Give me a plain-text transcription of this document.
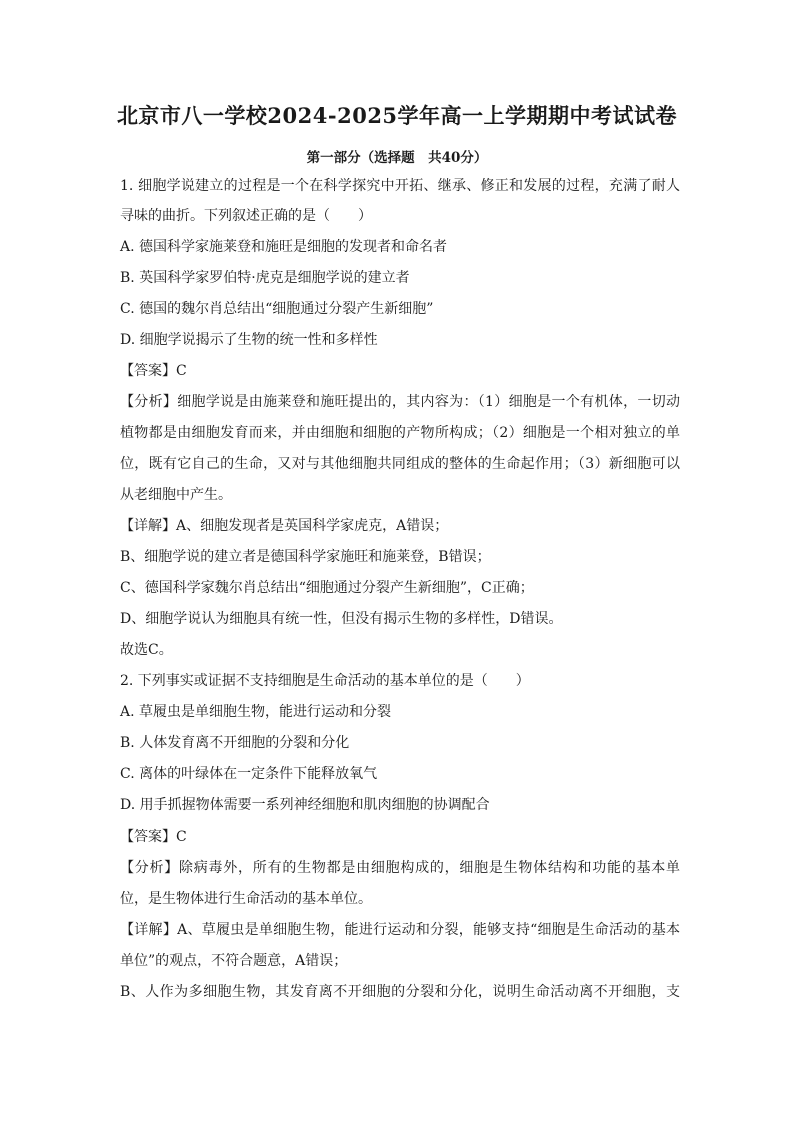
北京市八一学校2024-2025学年高一上学期期中考试试卷
第一部分（选择题　共40分）
1. 细胞学说建立的过程是一个在科学探究中开拓、继承、修正和发展的过程，充满了耐人
寻味的曲折。下列叙述正确的是（　　）
A. 德国科学家施莱登和施旺是细胞的发现者和命名者
B. 英国科学家罗伯特·虎克是细胞学说的建立者
C. 德国的魏尔肖总结出“细胞通过分裂产生新细胞”
D. 细胞学说揭示了生物的统一性和多样性
【答案】C
【分析】细胞学说是由施莱登和施旺提出的，其内容为：（1）细胞是一个有机体，一切动
植物都是由细胞发育而来，并由细胞和细胞的产物所构成；（2）细胞是一个相对独立的单
位，既有它自己的生命，又对与其他细胞共同组成的整体的生命起作用；（3）新细胞可以
从老细胞中产生。
【详解】A、细胞发现者是英国科学家虎克，A错误；
B、细胞学说的建立者是德国科学家施旺和施莱登，B错误；
C、德国科学家魏尔肖总结出“细胞通过分裂产生新细胞”，C正确；
D、细胞学说认为细胞具有统一性，但没有揭示生物的多样性，D错误。
故选C。
2. 下列事实或证据不支持细胞是生命活动的基本单位的是（　　）
A. 草履虫是单细胞生物，能进行运动和分裂
B. 人体发育离不开细胞的分裂和分化
C. 离体的叶绿体在一定条件下能释放氧气
D. 用手抓握物体需要一系列神经细胞和肌肉细胞的协调配合
【答案】C
【分析】除病毒外，所有的生物都是由细胞构成的，细胞是生物体结构和功能的基本单
位，是生物体进行生命活动的基本单位。
【详解】A、草履虫是单细胞生物，能进行运动和分裂，能够支持“细胞是生命活动的基本
单位”的观点，不符合题意，A错误；
B、人作为多细胞生物，其发育离不开细胞的分裂和分化，说明生命活动离不开细胞，支
